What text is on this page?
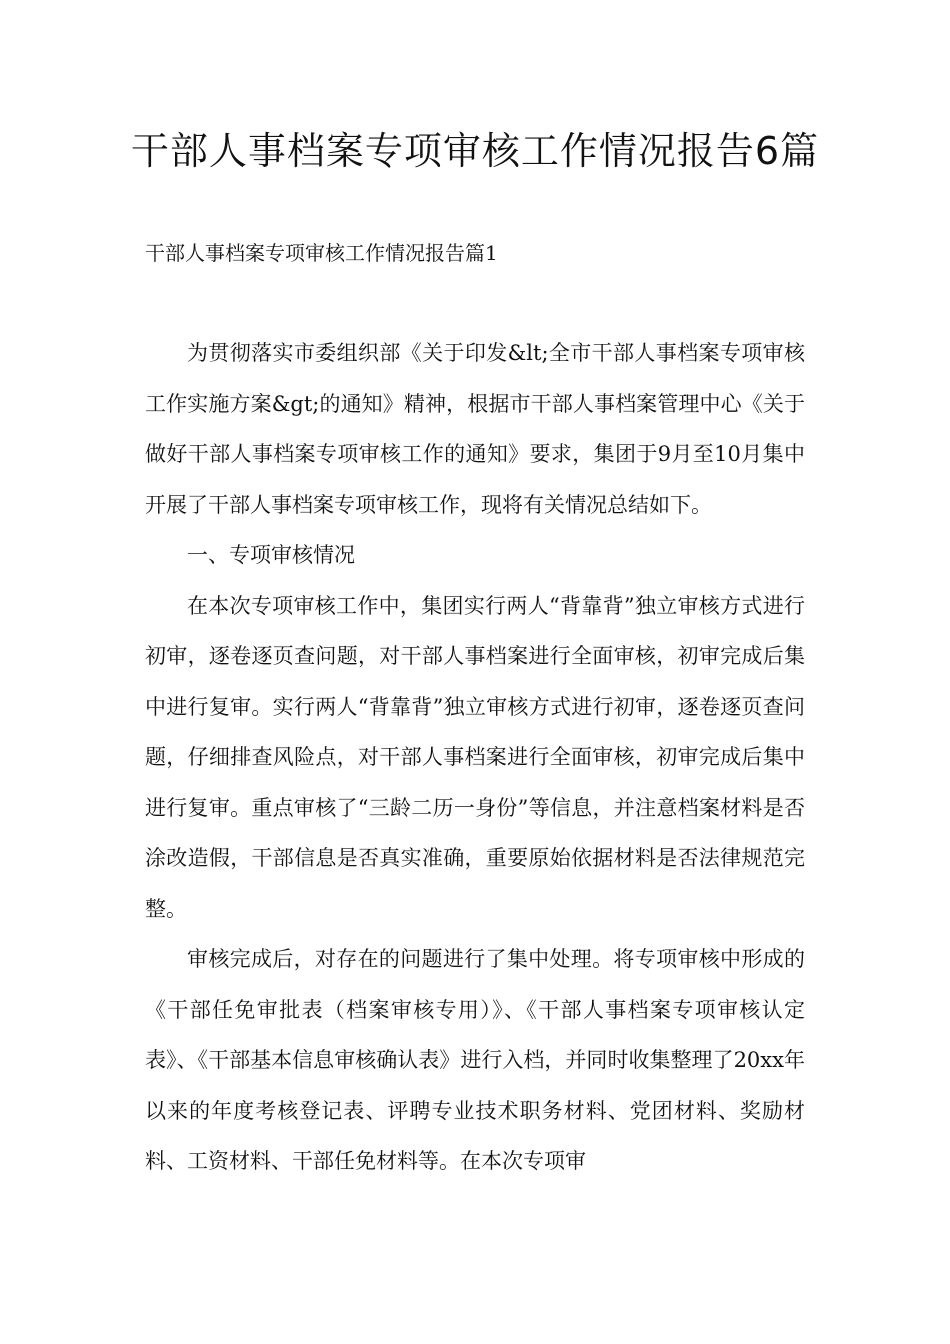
干部人事档案专项审核工作情况报告6篇
干部人事档案专项审核工作情况报告篇1

为贯彻落实市委组织部《关于印发&lt;全市干部人事档案专项审核工作实施方案&gt;的通知》精神，根据市干部人事档案管理中心《关于做好干部人事档案专项审核工作的通知》要求，集团于9月至10月集中开展了干部人事档案专项审核工作，现将有关情况总结如下。

一、专项审核情况

在本次专项审核工作中，集团实行两人“背靠背”独立审核方式进行初审，逐卷逐页查问题，对干部人事档案进行全面审核，初审完成后集中进行复审。实行两人“背靠背”独立审核方式进行初审，逐卷逐页查问题，仔细排查风险点，对干部人事档案进行全面审核，初审完成后集中进行复审。重点审核了“三龄二历一身份”等信息，并注意档案材料是否涂改造假，干部信息是否真实准确，重要原始依据材料是否法律规范完整。

审核完成后，对存在的问题进行了集中处理。将专项审核中形成的《干部任免审批表（档案审核专用）》、《干部人事档案专项审核认定表》、《干部基本信息审核确认表》进行入档，并同时收集整理了20xx年以来的年度考核登记表、评聘专业技术职务材料、党团材料、奖励材料、工资材料、干部任免材料等。在本次专项审
